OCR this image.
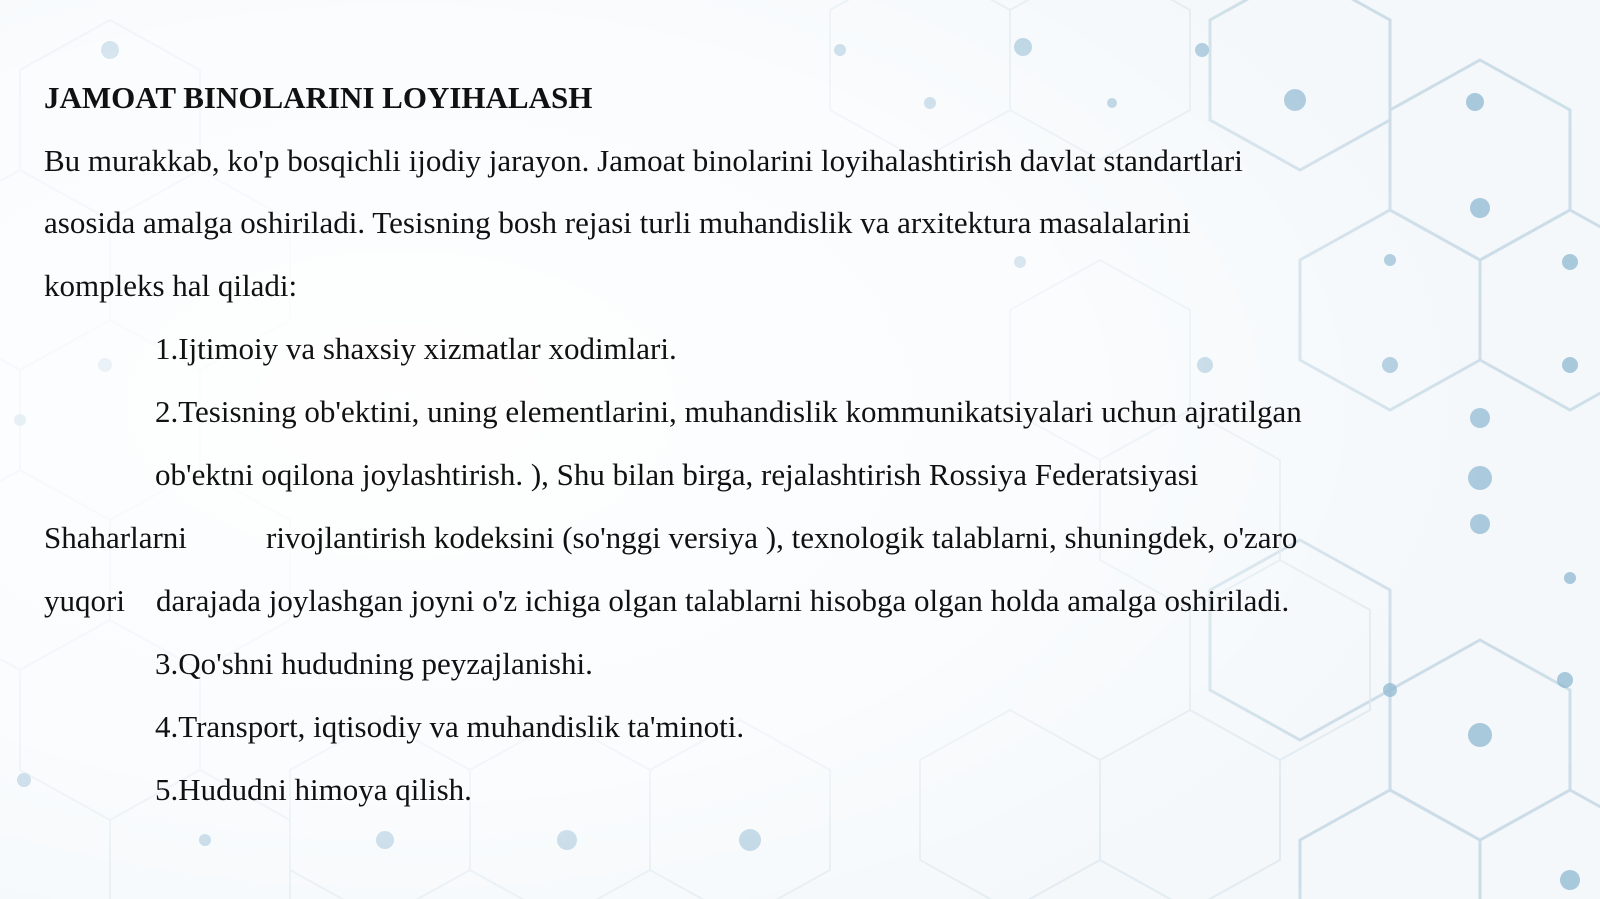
JAMOAT BINOLARINI LOYIHALASH
Bu murakkab, ko'p bosqichli ijodiy jarayon. Jamoat binolarini loyihalashtirish davlat standartlari
asosida amalga oshiriladi. Tesisning bosh rejasi turli muhandislik va arxitektura masalalarini
kompleks hal qiladi:
1.Ijtimoiy va shaxsiy xizmatlar xodimlari.
2.Tesisning ob'ektini, uning elementlarini, muhandislik kommunikatsiyalari uchun ajratilgan
ob'ektni oqilona joylashtirish. ), Shu bilan birga, rejalashtirish Rossiya Federatsiyasi
Shaharlarni	rivojlantirish kodeksini (so'nggi versiya ), texnologik talablarni, shuningdek, o'zaro
yuqori darajada joylashgan joyni o'z ichiga olgan talablarni hisobga olgan holda amalga oshiriladi.
3.Qo'shni hududning peyzajlanishi.
4.Transport, iqtisodiy va muhandislik ta'minoti.
5.Hududni himoya qilish.
